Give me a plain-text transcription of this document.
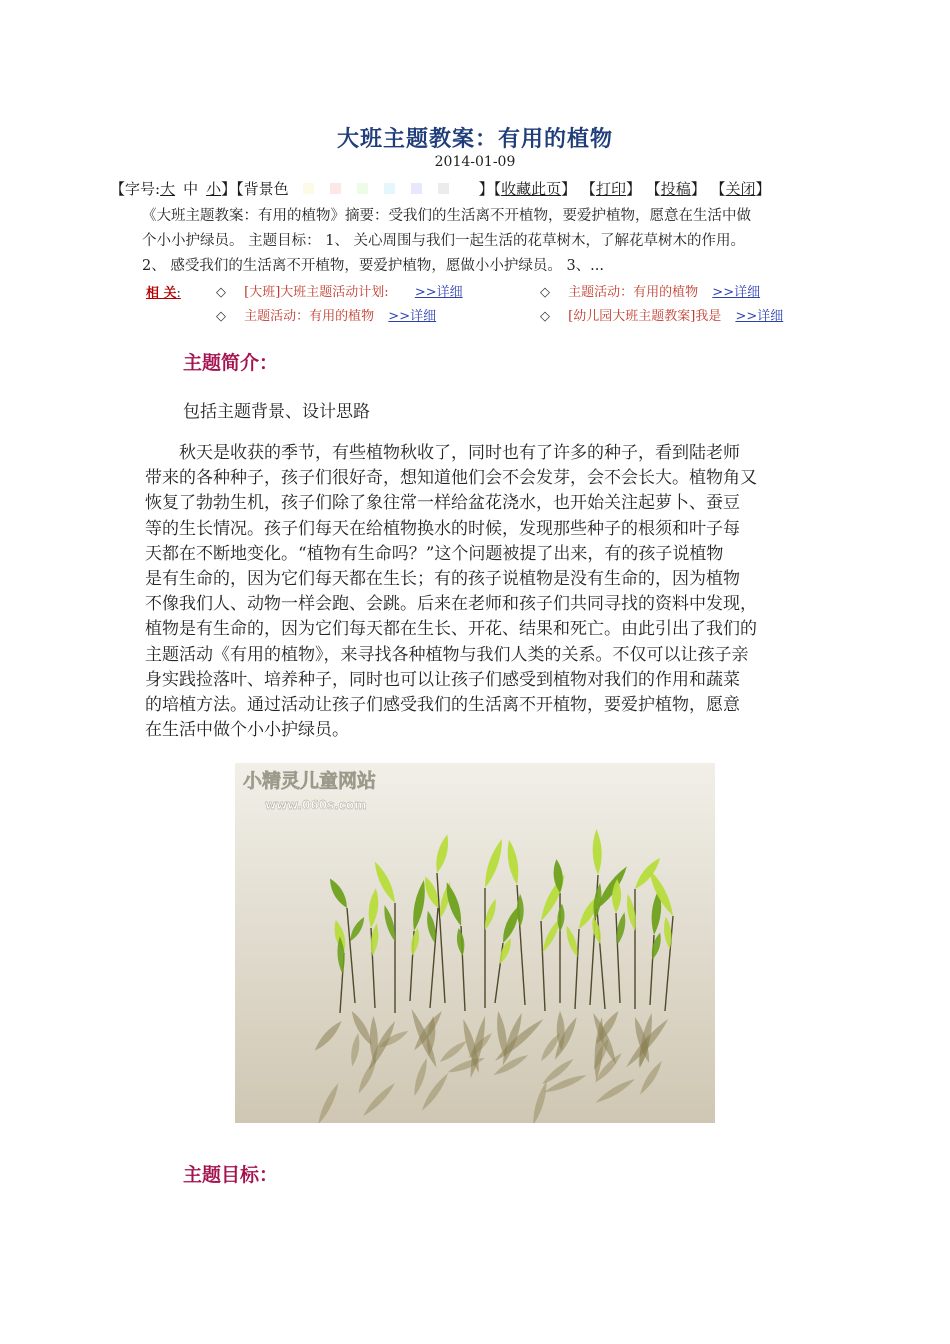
大班主题教案：有用的植物
2014-01-09
【字号: 大 中 小 】【背景色	】【 收藏此页 】 【 打印 】 【 投稿 】 【 关闭 】

《大班主题教案：有用的植物》摘要：受我们的生活离不开植物，要爱护植物，愿意在生活中做

个小小护绿员。 主题目标： 1、 关心周围与我们一起生活的花草树木，了解花草树木的作用。

2、 感受我们的生活离不开植物，要爱护植物，愿做小小护绿员。 3、...

相 关:	◇ [大班]大班主题活动计划: >>详细	◇ 主题活动：有用的植物 >>详细
◇ 主题活动：有用的植物 >>详细	◇ [幼儿园大班主题教案]我是 >>详细
主题简介：
包括主题背景、设计思路
　　秋天是收获的季节，有些植物秋收了，同时也有了许多的种子，看到陆老师
带来的各种种子，孩子们很好奇，想知道他们会不会发芽，会不会长大。植物角又
恢复了勃勃生机，孩子们除了象往常一样给盆花浇水，也开始关注起萝卜、蚕豆
等的生长情况。孩子们每天在给植物换水的时候，发现那些种子的根须和叶子每
天都在不断地变化。“植物有生命吗？”这个问题被提了出来，有的孩子说植物
是有生命的，因为它们每天都在生长；有的孩子说植物是没有生命的，因为植物
不像我们人、动物一样会跑、会跳。后来在老师和孩子们共同寻找的资料中发现，
植物是有生命的，因为它们每天都在生长、开花、结果和死亡。由此引出了我们的
主题活动《有用的植物》，来寻找各种植物与我们人类的关系。不仅可以让孩子亲
身实践捡落叶、培养种子，同时也可以让孩子们感受到植物对我们的作用和蔬菜
的培植方法。通过活动让孩子们感受我们的生活离不开植物，要爱护植物，愿意
在生活中做个小小护绿员。
小精灵儿童网站
www.060s.com
主题目标：
